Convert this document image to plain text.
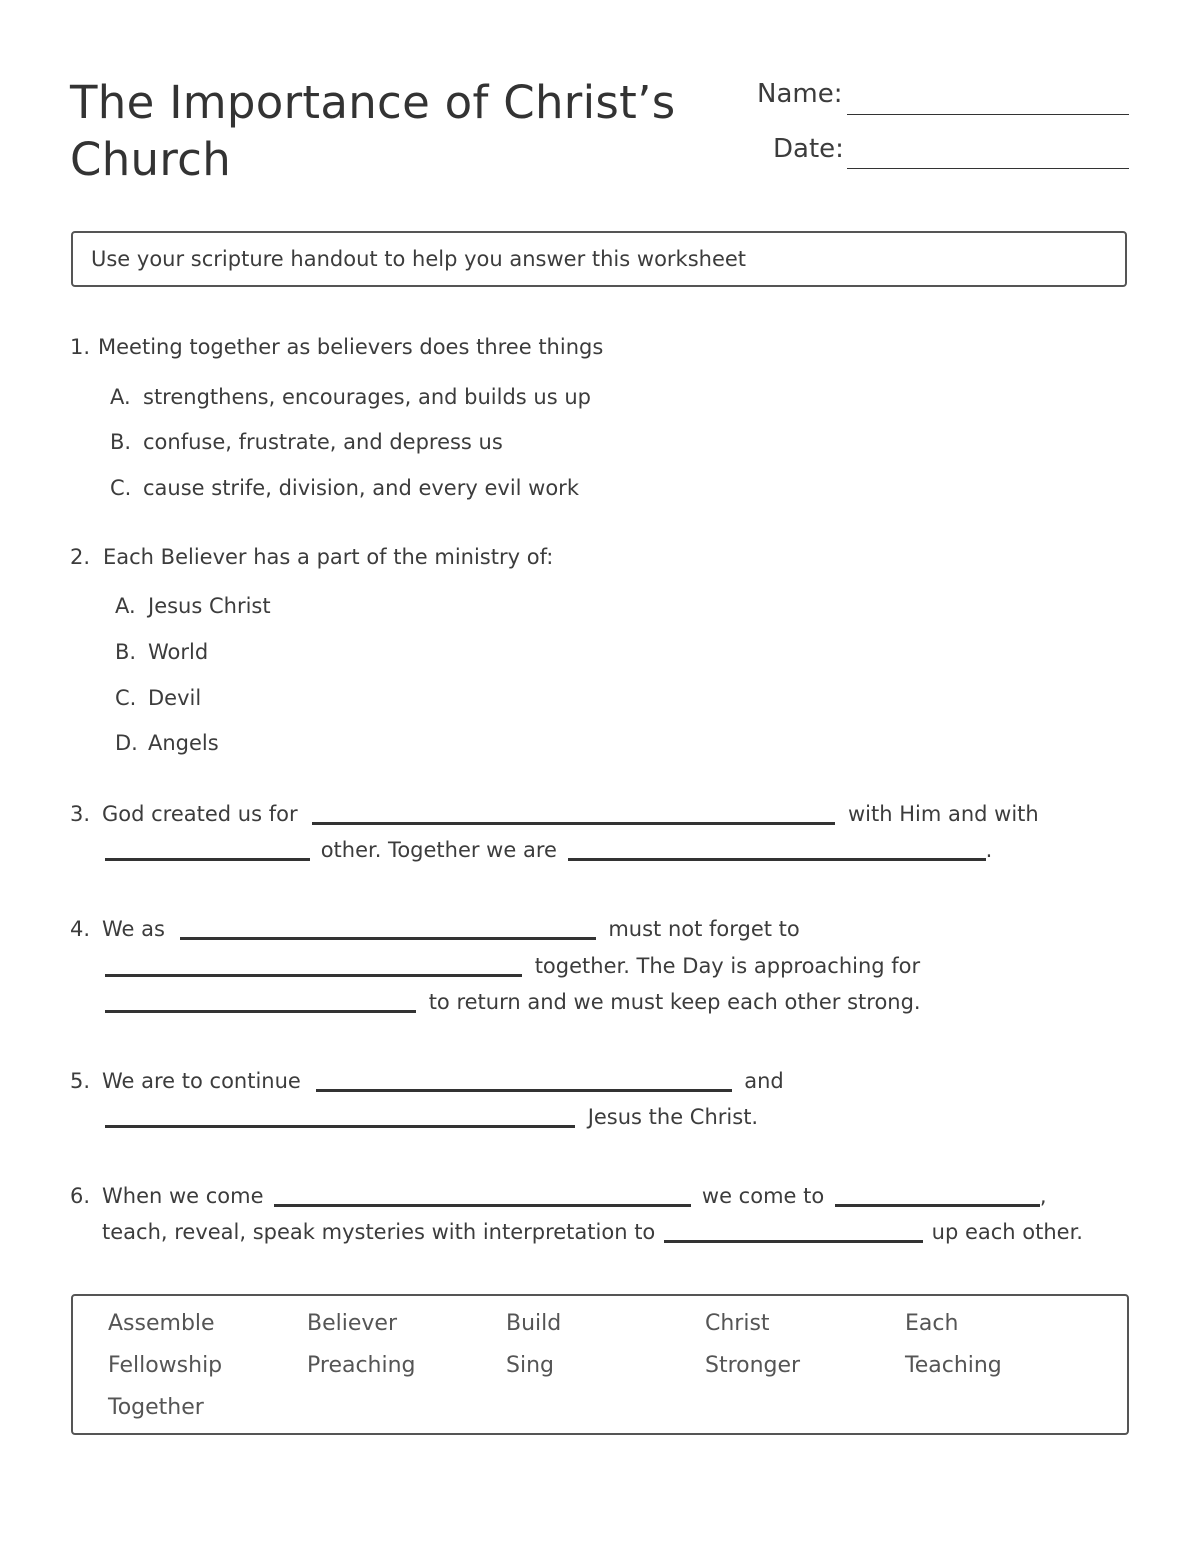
The Importance of Christ’s
Church
Name:
Date:
Use your scripture handout to help you answer this worksheet
1. Meeting together as believers does three things
A. strengthens, encourages, and builds us up
B. confuse, frustrate, and depress us
C. cause strife, division, and every evil work
2. Each Believer has a part of the ministry of:
A. Jesus Christ
B. World
C. Devil
D. Angels
3. God created us for	with Him and with
other. Together we are	.
4. We as	must not forget to
together. The Day is approaching for
to return and we must keep each other strong.
5. We are to continue	and
Jesus the Christ.
6. When we come	we come to	,
teach, reveal, speak mysteries with interpretation to	up each other.
Assemble	Believer	Build	Christ	Each
Fellowship	Preaching	Sing	Stronger	Teaching
Together
